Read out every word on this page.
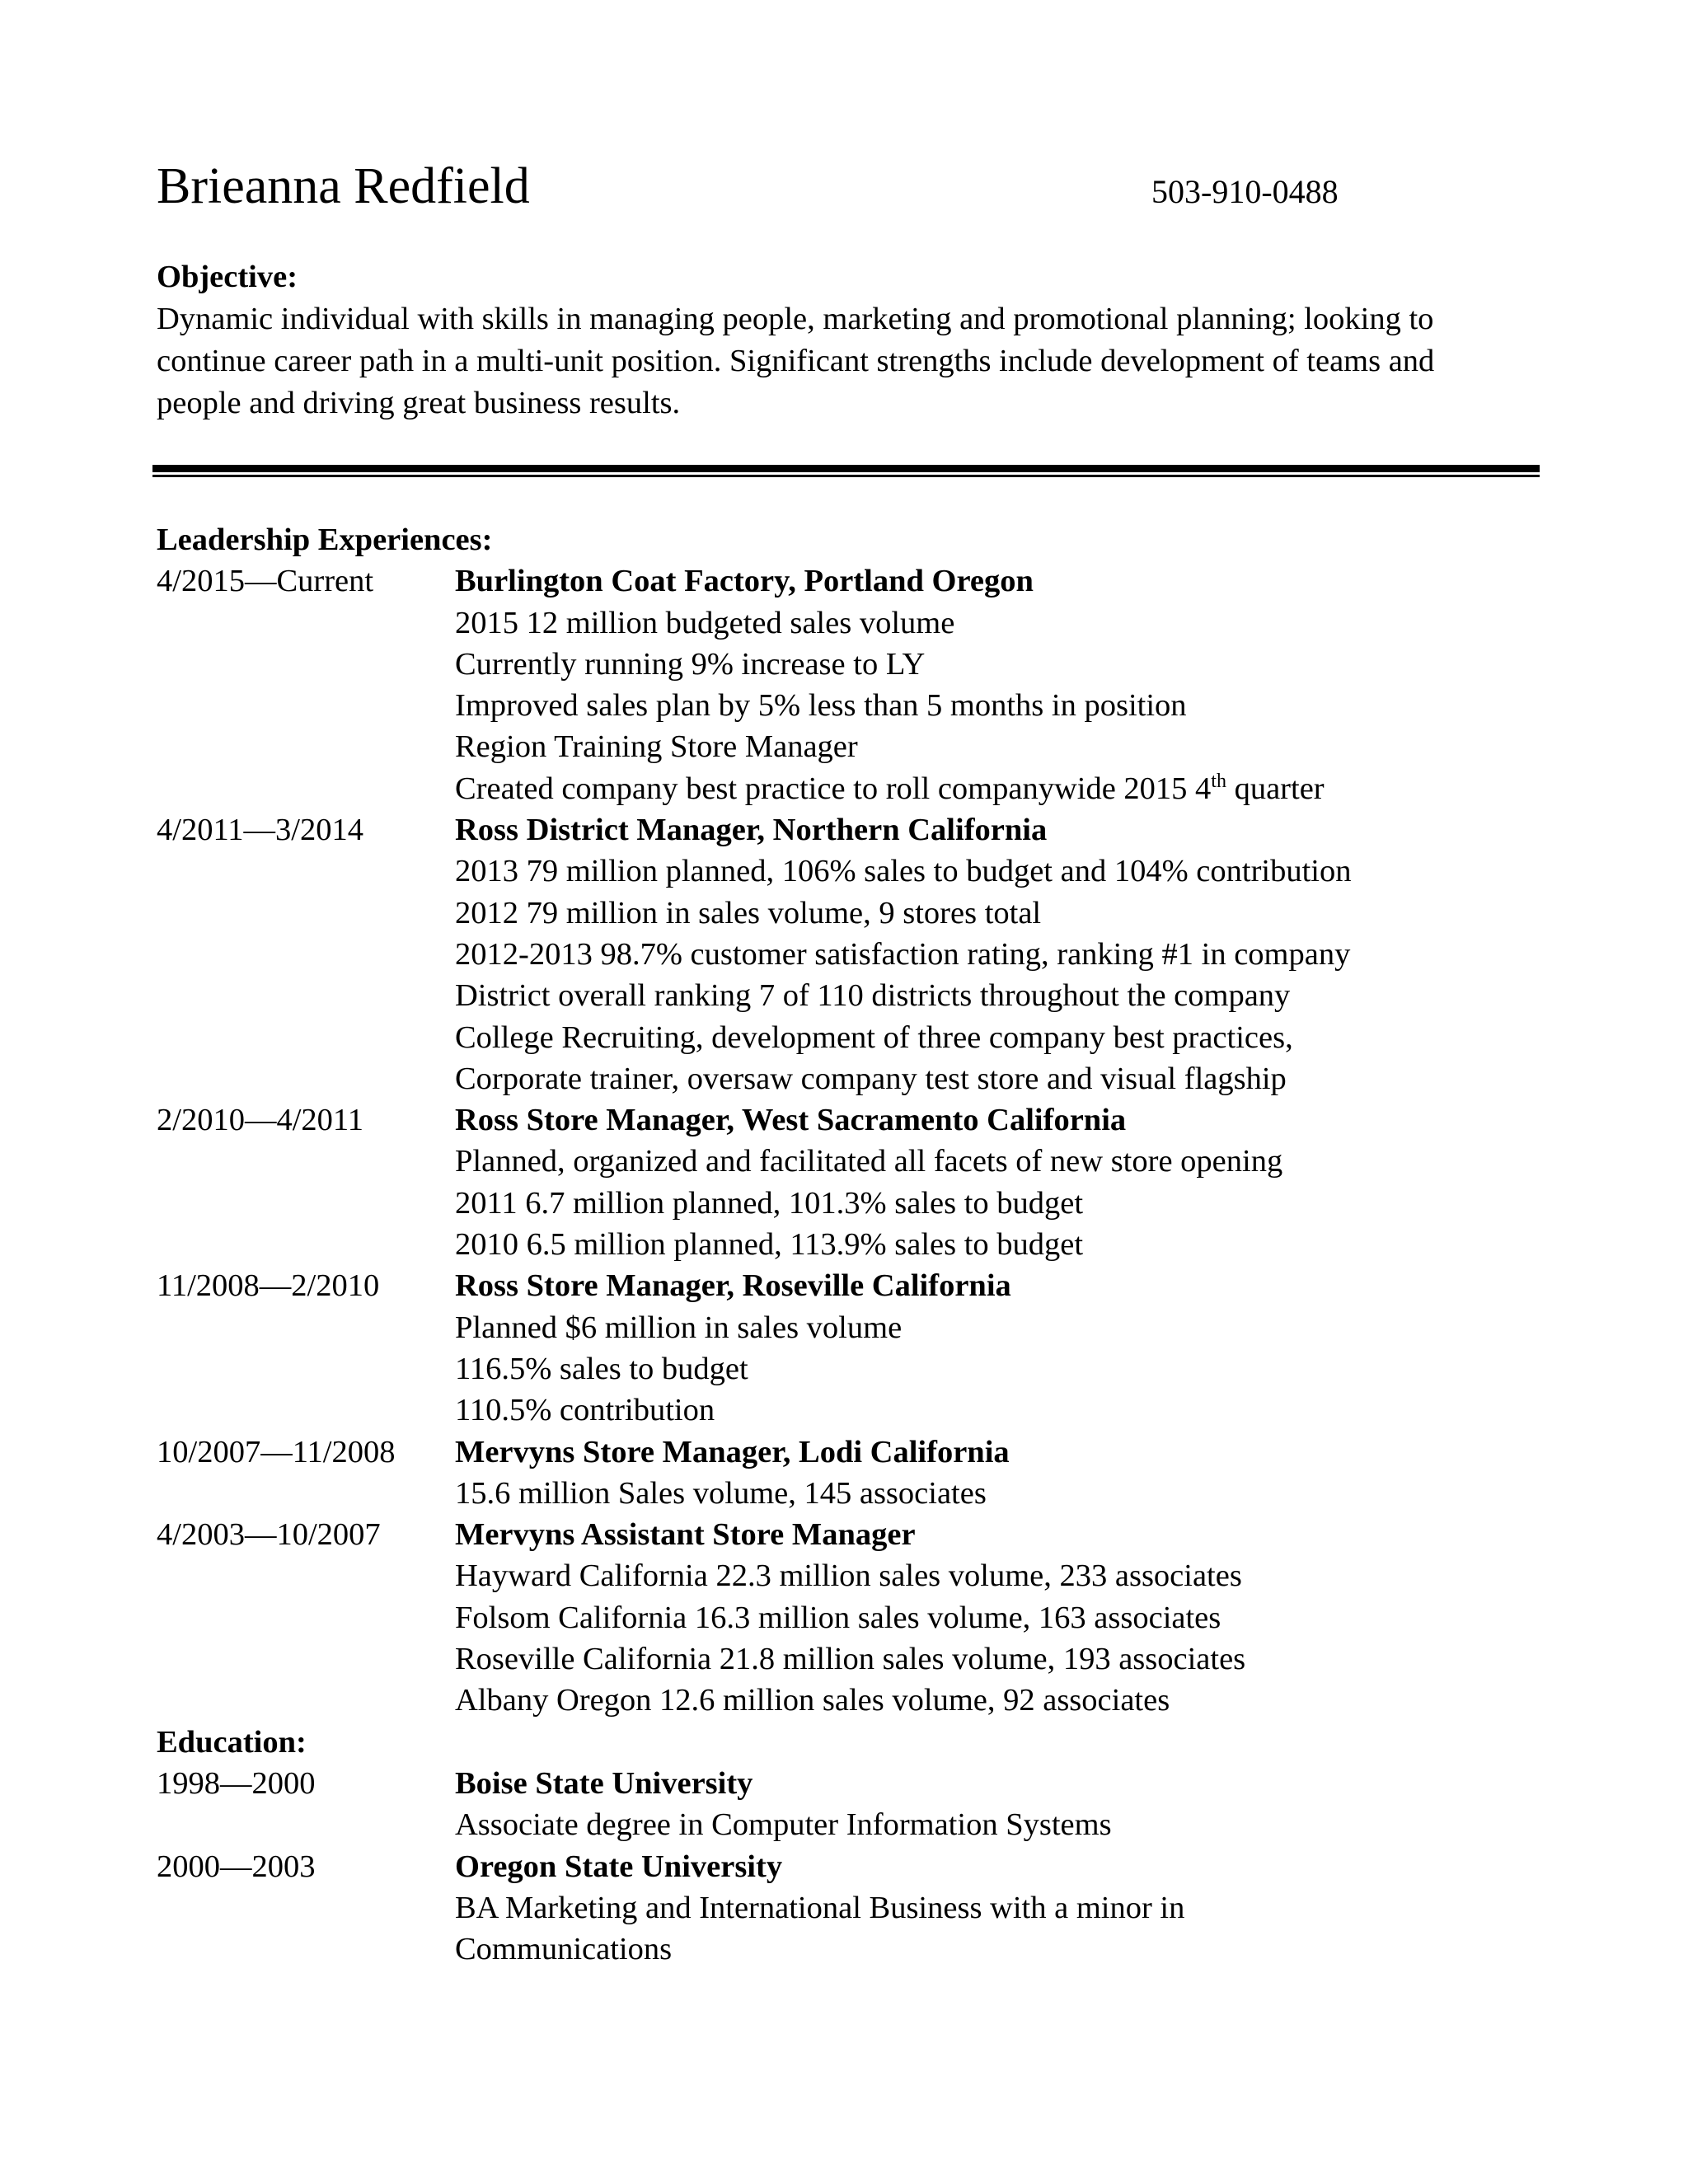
Brieanna Redfield	503-910-0488
Objective:
Dynamic individual with skills in managing people, marketing and promotional planning; looking to
continue career path in a multi-unit position. Significant strengths include development of teams and
people and driving great business results.
Leadership Experiences:
4/2015—Current	Burlington Coat Factory, Portland Oregon
2015 12 million budgeted sales volume
Currently running 9% increase to LY
Improved sales plan by 5% less than 5 months in position
Region Training Store Manager
Created company best practice to roll companywide 2015 4th quarter
4/2011—3/2014	Ross District Manager, Northern California
2013 79 million planned, 106% sales to budget and 104% contribution
2012 79 million in sales volume, 9 stores total
2012-2013 98.7% customer satisfaction rating, ranking #1 in company
District overall ranking 7 of 110 districts throughout the company
College Recruiting, development of three company best practices,
Corporate trainer, oversaw company test store and visual flagship
2/2010—4/2011	Ross Store Manager, West Sacramento California
Planned, organized and facilitated all facets of new store opening
2011 6.7 million planned, 101.3% sales to budget
2010 6.5 million planned, 113.9% sales to budget
11/2008—2/2010 Ross Store Manager, Roseville California
Planned $6 million in sales volume
116.5% sales to budget
110.5% contribution
10/2007—11/2008 Mervyns Store Manager, Lodi California
15.6 million Sales volume, 145 associates
4/2003—10/2007 Mervyns Assistant Store Manager
Hayward California 22.3 million sales volume, 233 associates
Folsom California 16.3 million sales volume, 163 associates
Roseville California 21.8 million sales volume, 193 associates
Albany Oregon 12.6 million sales volume, 92 associates
Education:
1998—2000	Boise State University
Associate degree in Computer Information Systems
2000—2003	Oregon State University
BA Marketing and International Business with a minor in
Communications
